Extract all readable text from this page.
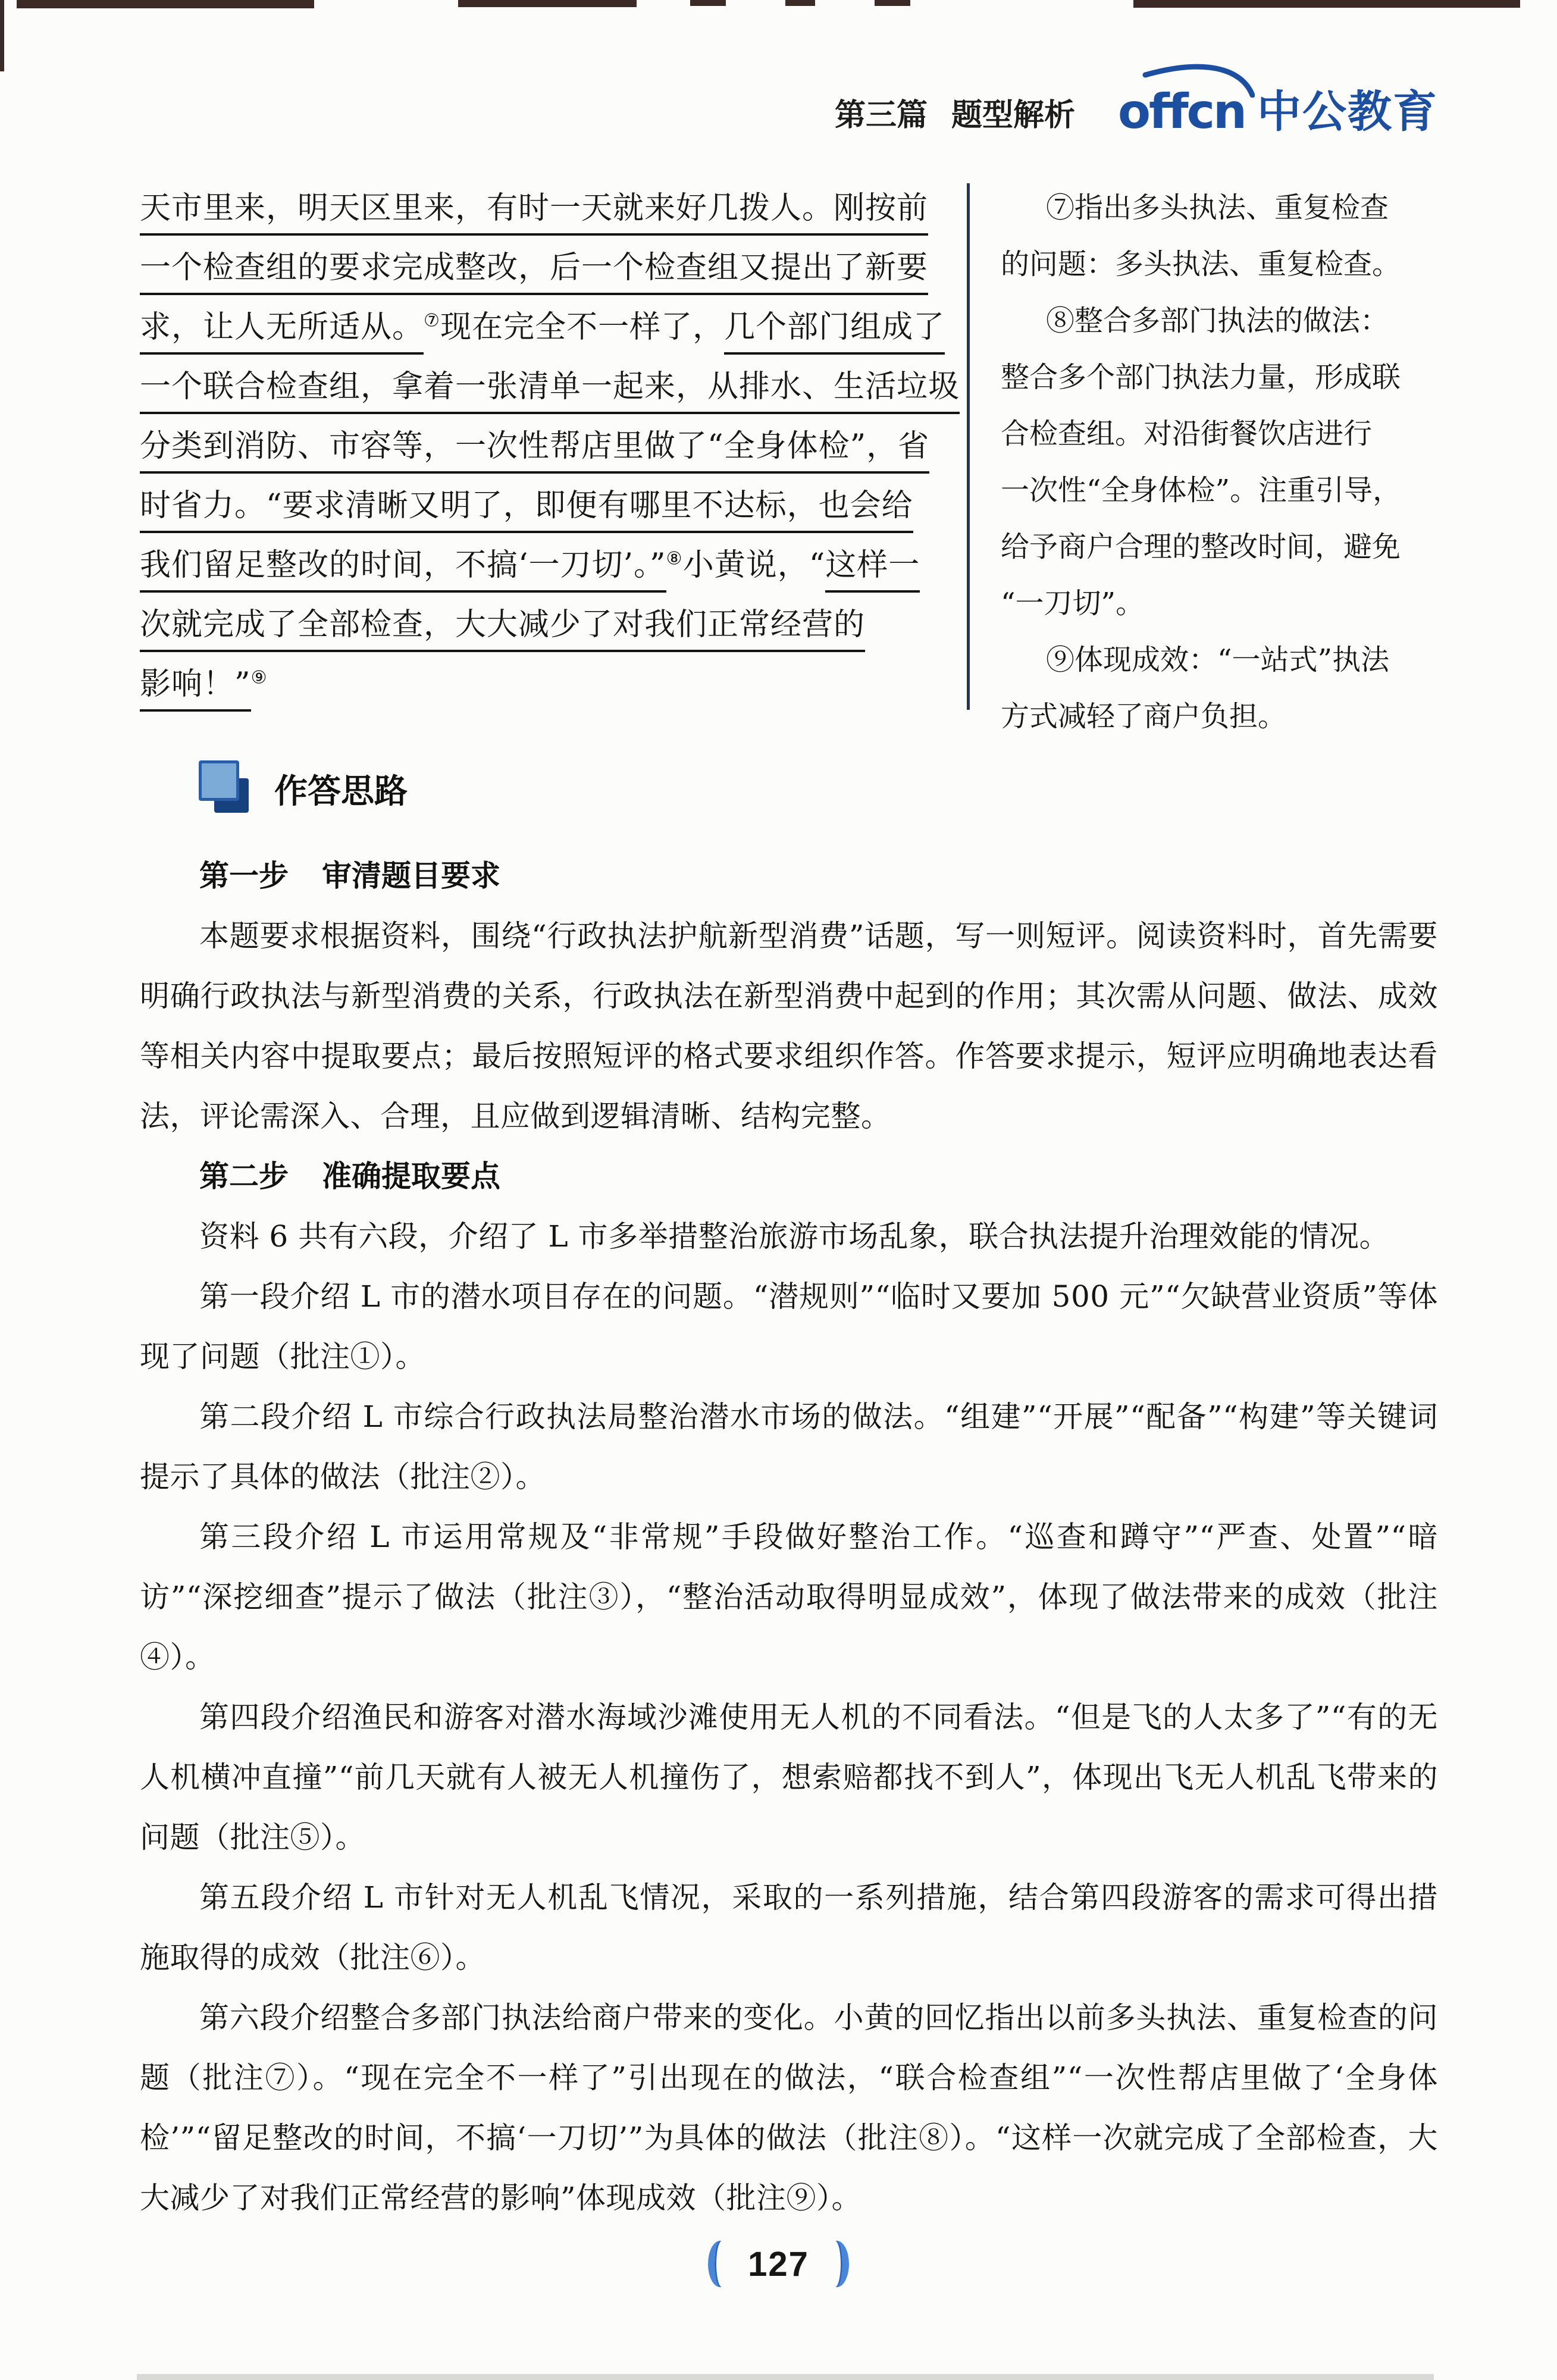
第三篇 题型解析 offcn 中公教育
天市里来，明天区里来，有时一天就来好几拨人。刚按前
一个检查组的要求完成整改，后一个检查组又提出了新要
求，让人无所适从。⑦现在完全不一样了，几个部门组成了
一个联合检查组，拿着一张清单一起来，从排水、生活垃圾
分类到消防、市容等，一次性帮店里做了“全身体检”，省
时省力。“要求清晰又明了，即便有哪里不达标，也会给
我们留足整改的时间，不搞‘一刀切’。”⑧小黄说，“这样一
次就完成了全部检查，大大减少了对我们正常经营的
影响！”⑨
⑦指出多头执法、重复检查
的问题：多头执法、重复检查。
⑧整合多部门执法的做法：
整合多个部门执法力量，形成联
合检查组。对沿街餐饮店进行
一次性“全身体检”。注重引导，
给予商户合理的整改时间，避免
“一刀切”。
⑨体现成效：“一站式”执法
方式减轻了商户负担。
作答思路
第一步 审清题目要求

本题要求根据资料，围绕“行政执法护航新型消费”话题，写一则短评。阅读资料时，首先需要明确行政执法与新型消费的关系，行政执法在新型消费中起到的作用；其次需从问题、做法、成效等相关内容中提取要点；最后按照短评的格式要求组织作答。作答要求提示，短评应明确地表达看法，评论需深入、合理，且应做到逻辑清晰、结构完整。

第二步 准确提取要点

资料 6 共有六段，介绍了 L 市多举措整治旅游市场乱象，联合执法提升治理效能的情况。

第一段介绍 L 市的潜水项目存在的问题。“潜规则”“临时又要加 500 元”“欠缺营业资质”等体现了问题（批注①）。

第二段介绍 L 市综合行政执法局整治潜水市场的做法。“组建”“开展”“配备”“构建”等关键词提示了具体的做法（批注②）。

第三段介绍 L 市运用常规及“非常规”手段做好整治工作。“巡查和蹲守”“严查、处置”“暗访”“深挖细查”提示了做法（批注③），“整治活动取得明显成效”，体现了做法带来的成效（批注④）。

第四段介绍渔民和游客对潜水海域沙滩使用无人机的不同看法。“但是飞的人太多了”“有的无人机横冲直撞”“前几天就有人被无人机撞伤了，想索赔都找不到人”，体现出飞无人机乱飞带来的问题（批注⑤）。

第五段介绍 L 市针对无人机乱飞情况，采取的一系列措施，结合第四段游客的需求可得出措施取得的成效（批注⑥）。

第六段介绍整合多部门执法给商户带来的变化。小黄的回忆指出以前多头执法、重复检查的问题（批注⑦）。“现在完全不一样了”引出现在的做法，“联合检查组”“一次性帮店里做了‘全身体检’”“留足整改的时间，不搞‘一刀切’”为具体的做法（批注⑧）。“这样一次就完成了全部检查，大大减少了对我们正常经营的影响”体现成效（批注⑨）。

127
